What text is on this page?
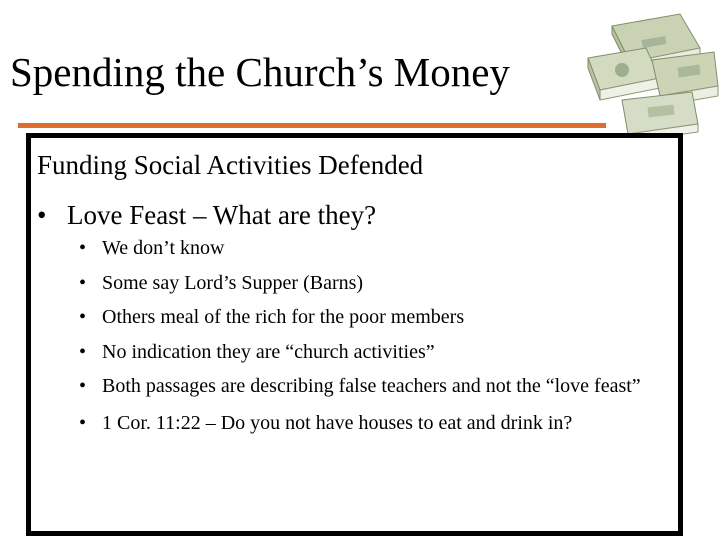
Spending the Church’s Money
Funding Social Activities Defended
• Love Feast – What are they?
• We don’t know
• Some say Lord’s Supper (Barns)
• Others meal of the rich for the poor members
• No indication they are “church activities”
• Both passages are describing false teachers and not the “love feast”
• 1 Cor. 11:22 – Do you not have houses to eat and drink in?
